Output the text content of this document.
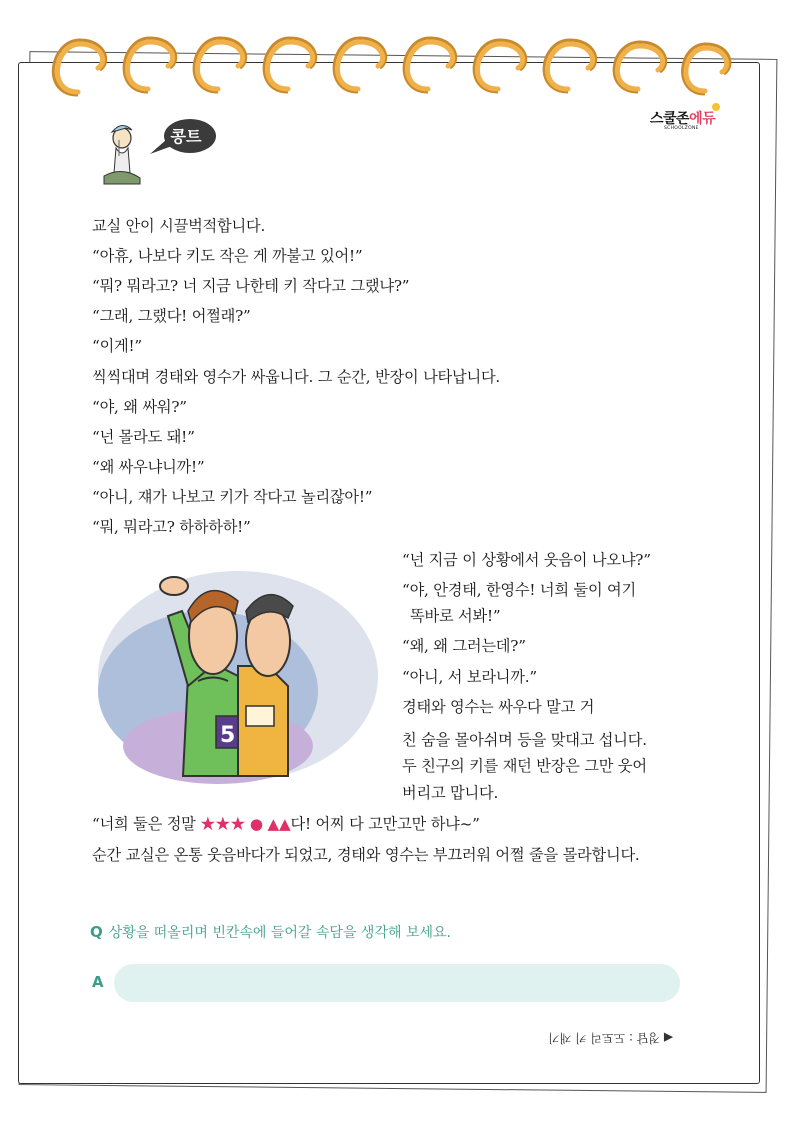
스쿨존에듀
SCHOOLZONE
콩트
교실 안이 시끌벅적합니다.
“아휴, 나보다 키도 작은 게 까불고 있어!”
“뭐? 뭐라고? 너 지금 나한테 키 작다고 그랬냐?”
“그래, 그랬다! 어쩔래?”
“이게!”
씩씩대며 경태와 영수가 싸웁니다. 그 순간, 반장이 나타납니다.
“야, 왜 싸워?”
“넌 몰라도 돼!”
“왜 싸우냐니까!”
“아니, 쟤가 나보고 키가 작다고 놀리잖아!”
“뭐, 뭐라고? 하하하하!”
5
“넌 지금 이 상황에서 웃음이 나오냐?”
“야, 안경태, 한영수! 너희 둘이 여기
똑바로 서봐!”
“왜, 왜 그러는데?”
“아니, 서 보라니까.”
경태와 영수는 싸우다 말고 거
친 숨을 몰아쉬며 등을 맞대고 섭니다.
두 친구의 키를 재던 반장은 그만 웃어
버리고 맙니다.
“너희 둘은 정말 ★★★ ● ▲▲다! 어찌 다 고만고만 하냐~”
순간 교실은 온통 웃음바다가 되었고, 경태와 영수는 부끄러워 어쩔 줄을 몰라합니다.
Q 상황을 떠올리며 빈칸속에 들어갈 속담을 생각해 보세요.
A
◀ 정답 : 도토리 키 재기
